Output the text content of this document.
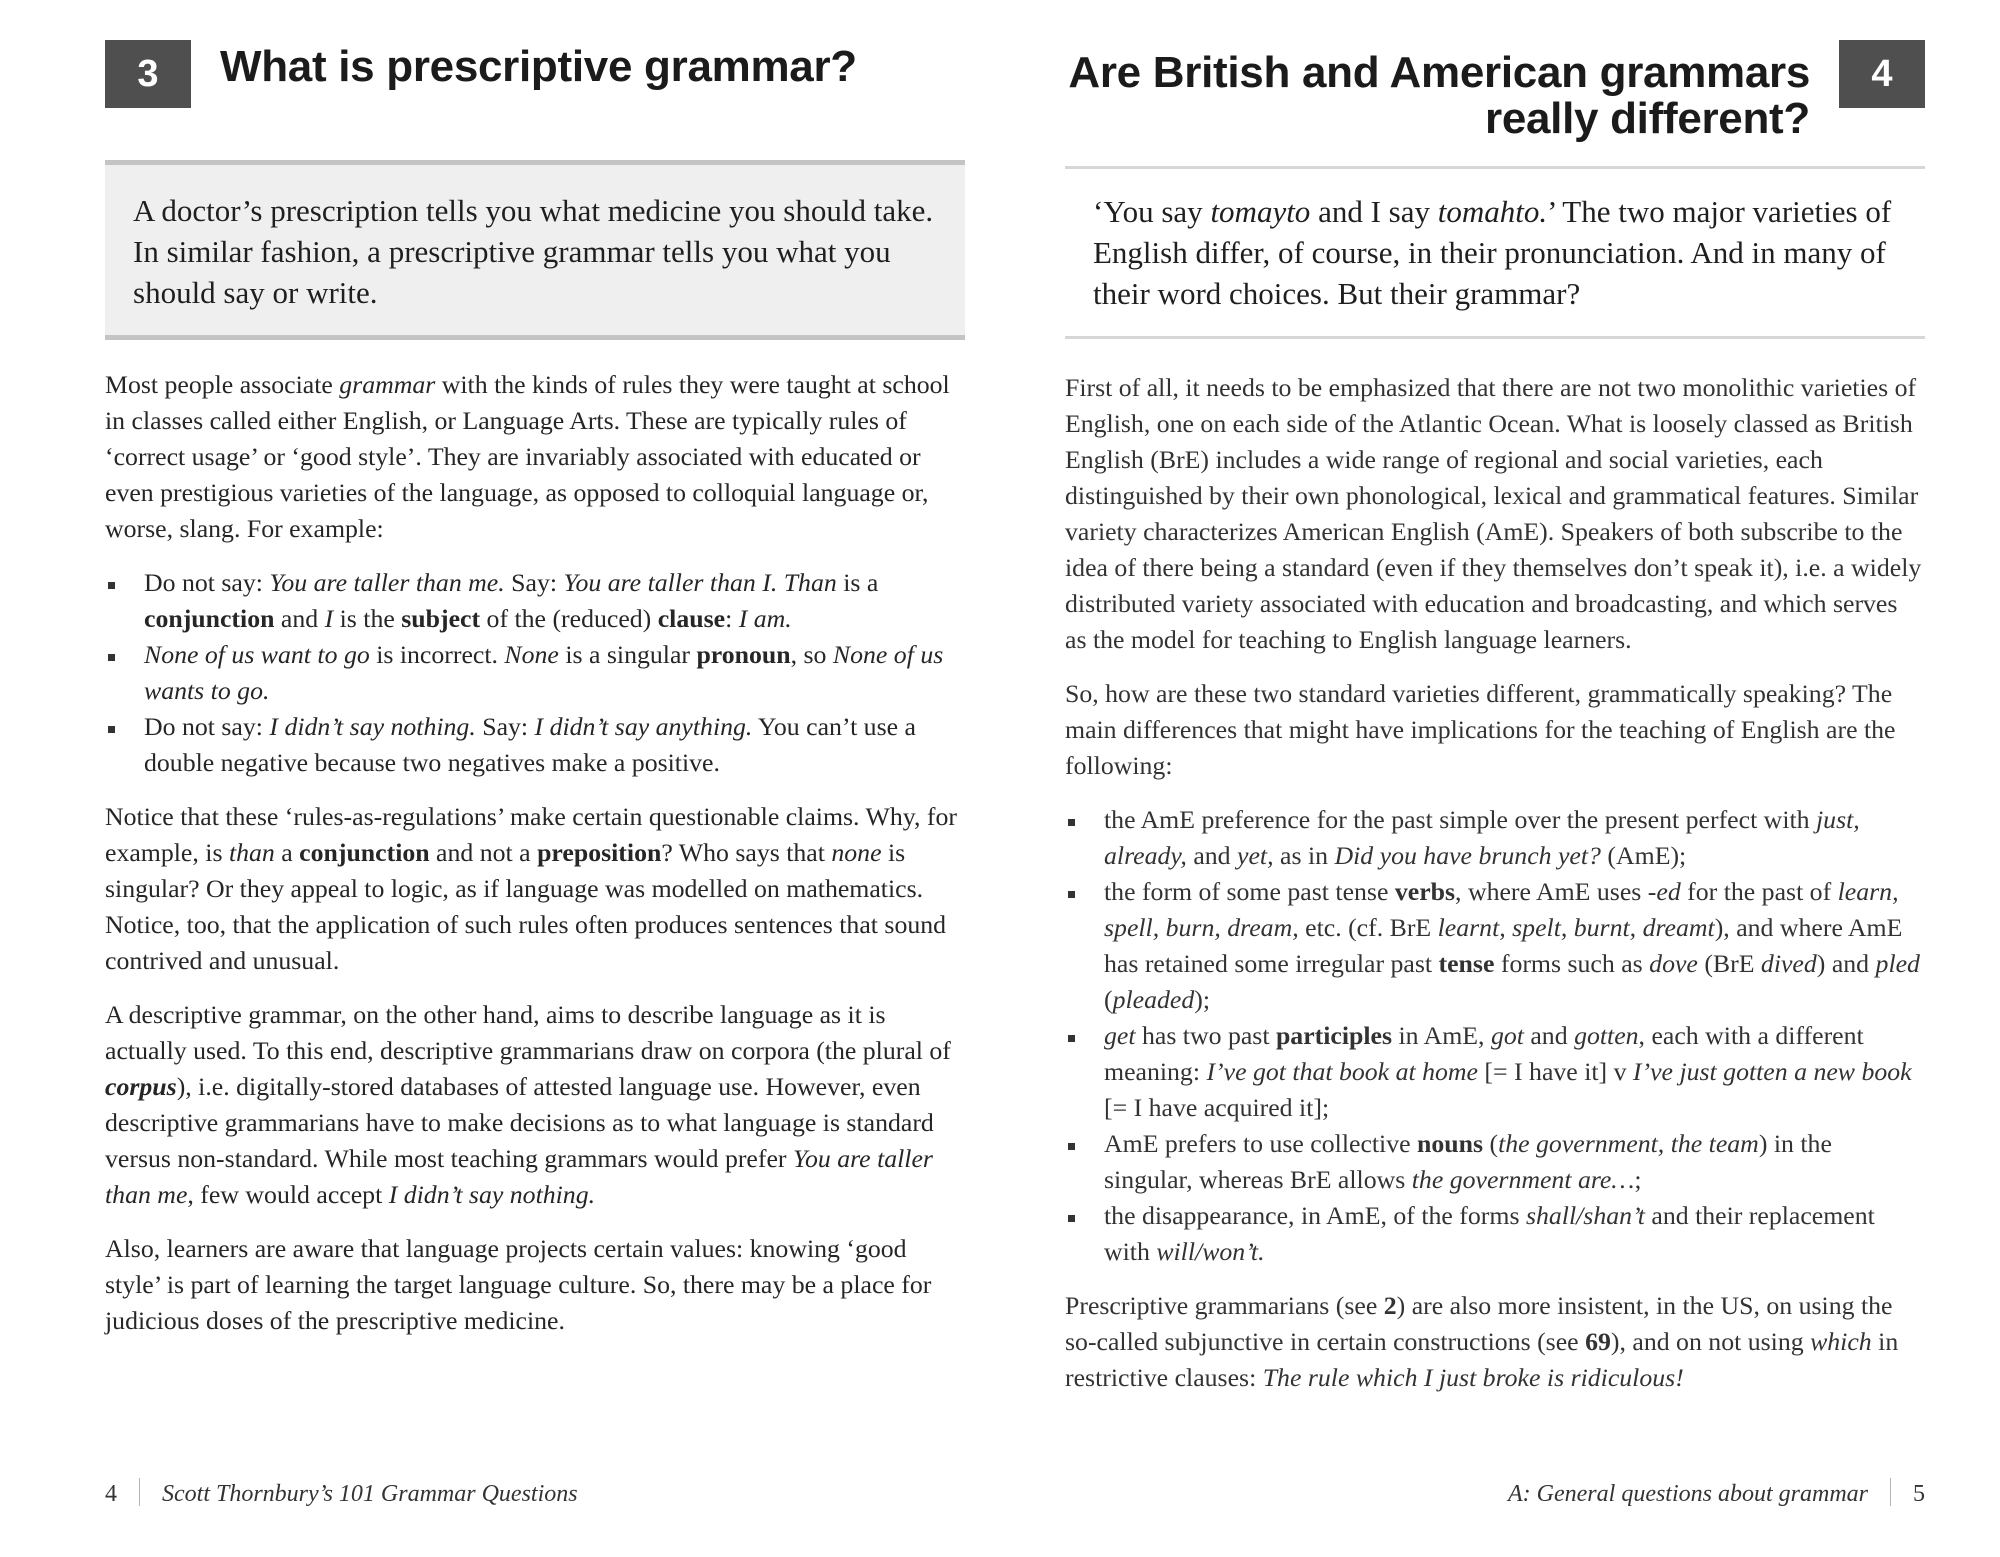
3	What is prescriptive grammar?

A doctor’s prescription tells you what medicine you should take. In similar fashion, a prescriptive grammar tells you what you should say or write.

Most people associate grammar with the kinds of rules they were taught at school in classes called either English, or Language Arts. These are typically rules of ‘correct usage’ or ‘good style’. They are invariably associated with educated or even prestigious varieties of the language, as opposed to colloquial language or, worse, slang. For example:

Do not say: You are taller than me. Say: You are taller than I. Than is a conjunction and I is the subject of the (reduced) clause: I am.
None of us want to go is incorrect. None is a singular pronoun, so None of us wants to go.
Do not say: I didn’t say nothing. Say: I didn’t say anything. You can’t use a double negative because two negatives make a positive.

Notice that these ‘rules-as-regulations’ make certain questionable claims. Why, for example, is than a conjunction and not a preposition? Who says that none is singular? Or they appeal to logic, as if language was modelled on mathematics. Notice, too, that the application of such rules often produces sentences that sound contrived and unusual.

A descriptive grammar, on the other hand, aims to describe language as it is actually used. To this end, descriptive grammarians draw on corpora (the plural of corpus), i.e. digitally-stored databases of attested language use. However, even descriptive grammarians have to make decisions as to what language is standard versus non-standard. While most teaching grammars would prefer You are taller than me, few would accept I didn’t say nothing.

Also, learners are aware that language projects certain values: knowing ‘good style’ is part of learning the target language culture. So, there may be a place for judicious doses of the prescriptive medicine.

4 Scott Thornbury’s 101 Grammar Questions
Are British and American grammars
really different?
4

‘You say tomayto and I say tomahto.’ The two major varieties of English differ, of course, in their pronunciation. And in many of their word choices. But their grammar?

First of all, it needs to be emphasized that there are not two monolithic varieties of English, one on each side of the Atlantic Ocean. What is loosely classed as British English (BrE) includes a wide range of regional and social varieties, each distinguished by their own phonological, lexical and grammatical features. Similar variety characterizes American English (AmE). Speakers of both subscribe to the idea of there being a standard (even if they themselves don’t speak it), i.e. a widely distributed variety associated with education and broadcasting, and which serves as the model for teaching to English language learners.

So, how are these two standard varieties different, grammatically speaking? The main differences that might have implications for the teaching of English are the following:

the AmE preference for the past simple over the present perfect with just, already, and yet, as in Did you have brunch yet? (AmE);
the form of some past tense verbs, where AmE uses -ed for the past of learn, spell, burn, dream, etc. (cf. BrE learnt, spelt, burnt, dreamt), and where AmE has retained some irregular past tense forms such as dove (BrE dived) and pled (pleaded);
get has two past participles in AmE, got and gotten, each with a different meaning: I’ve got that book at home [= I have it] v I’ve just gotten a new book [= I have acquired it];
AmE prefers to use collective nouns (the government, the team) in the singular, whereas BrE allows the government are…;
the disappearance, in AmE, of the forms shall/shan’t and their replacement with will/won’t.

Prescriptive grammarians (see 2) are also more insistent, in the US, on using the so-called subjunctive in certain constructions (see 69), and on not using which in restrictive clauses: The rule which I just broke is ridiculous!

A: General questions about grammar 5
